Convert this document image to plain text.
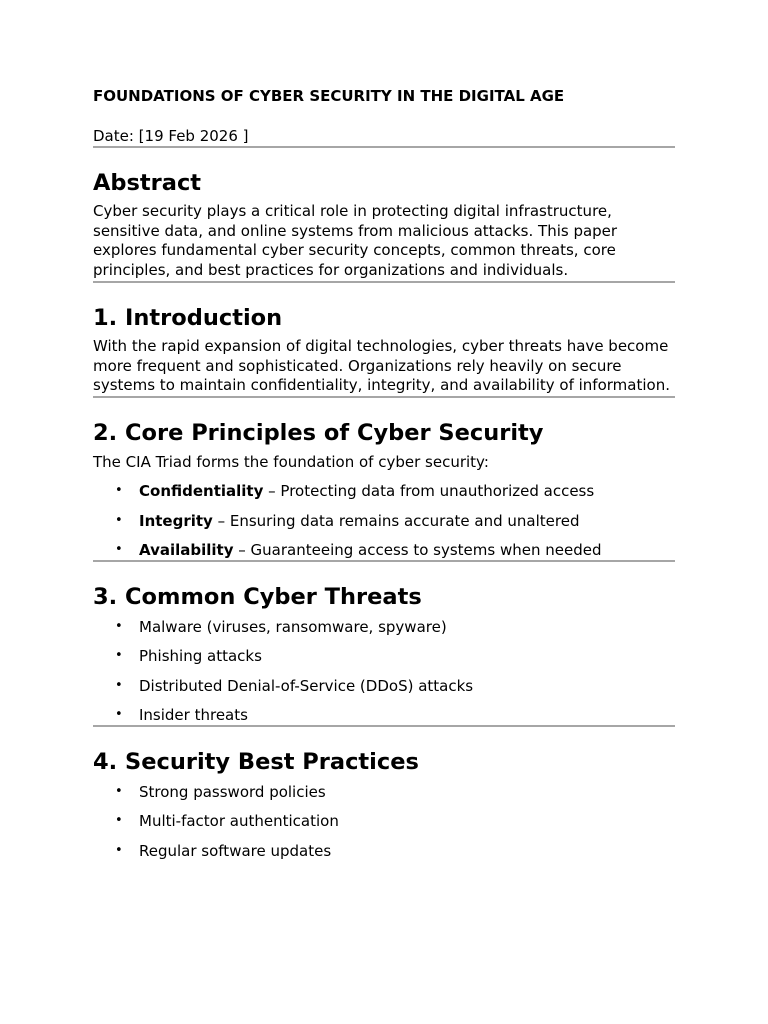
FOUNDATIONS OF CYBER SECURITY IN THE DIGITAL AGE
Date: [19 Feb 2026 ]
Abstract

Cyber security plays a critical role in protecting digital infrastructure, sensitive data, and online systems from malicious attacks. This paper explores fundamental cyber security concepts, common threats, core principles, and best practices for organizations and individuals.

1. Introduction

With the rapid expansion of digital technologies, cyber threats have become more frequent and sophisticated. Organizations rely heavily on secure systems to maintain confidentiality, integrity, and availability of information.

2. Core Principles of Cyber Security

The CIA Triad forms the foundation of cyber security:

• Confidentiality – Protecting data from unauthorized access
• Integrity – Ensuring data remains accurate and unaltered
• Availability – Guaranteeing access to systems when needed
3. Common Cyber Threats
• Malware (viruses, ransomware, spyware)
• Phishing attacks
• Distributed Denial-of-Service (DDoS) attacks
• Insider threats
4. Security Best Practices
• Strong password policies
• Multi-factor authentication
• Regular software updates
